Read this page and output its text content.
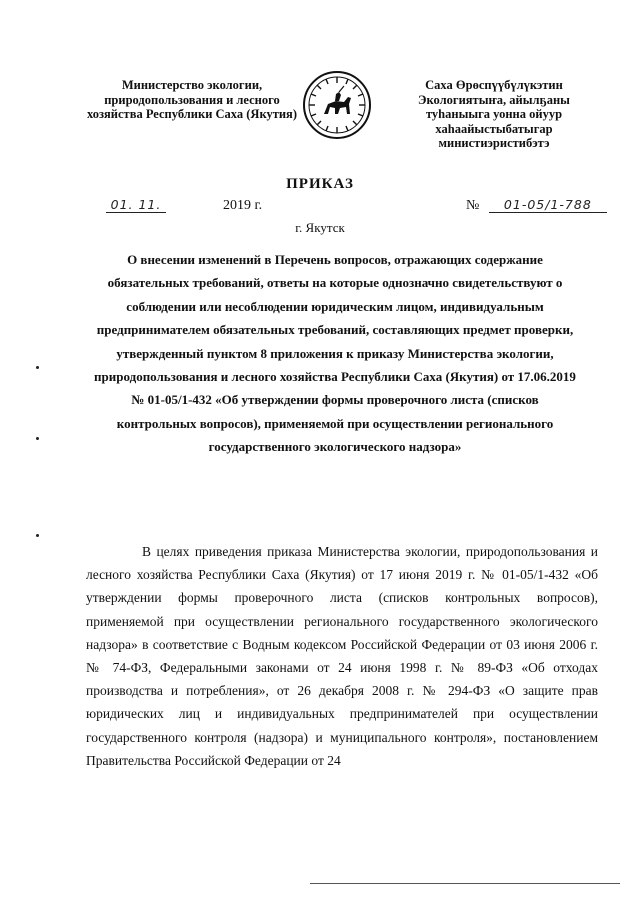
Министерство экологии, природопользования и лесного хозяйства Республики Саха (Якутия)
Саха Өрөспүүбүлүкэтин Экологиятыҥа, айылҕаны туһаныыга уонна ойуур хаһаайыстыбатыгар министиэристибэтэ
ПРИКАЗ
01. 11.	2019 г.	№ 01-05/1-788
г. Якутск
О внесении изменений в Перечень вопросов, отражающих содержание обязательных требований, ответы на которые однозначно свидетельствуют о соблюдении или несоблюдении юридическим лицом, индивидуальным предпринимателем обязательных требований, составляющих предмет проверки, утвержденный пунктом 8 приложения к приказу Министерства экологии, природопользования и лесного хозяйства Республики Саха (Якутия) от 17.06.2019 № 01-05/1-432 «Об утверждении формы проверочного листа (списков контрольных вопросов), применяемой при осуществлении регионального государственного экологического надзора»
В целях приведения приказа Министерства экологии, природопользования и лесного хозяйства Республики Саха (Якутия) от 17 июня 2019 г. № 01-05/1-432 «Об утверждении формы проверочного листа (списков контрольных вопросов), применяемой при осуществлении регионального государственного экологического надзора» в соответствие с Водным кодексом Российской Федерации от 03 июня 2006 г. № 74-ФЗ, Федеральными законами от 24 июня 1998 г. № 89-ФЗ «Об отходах производства и потребления», от 26 декабря 2008 г. № 294-ФЗ «О защите прав юридических лиц и индивидуальных предпринимателей при осуществлении государственного контроля (надзора) и муниципального контроля», постановлением Правительства Российской Федерации от 24
